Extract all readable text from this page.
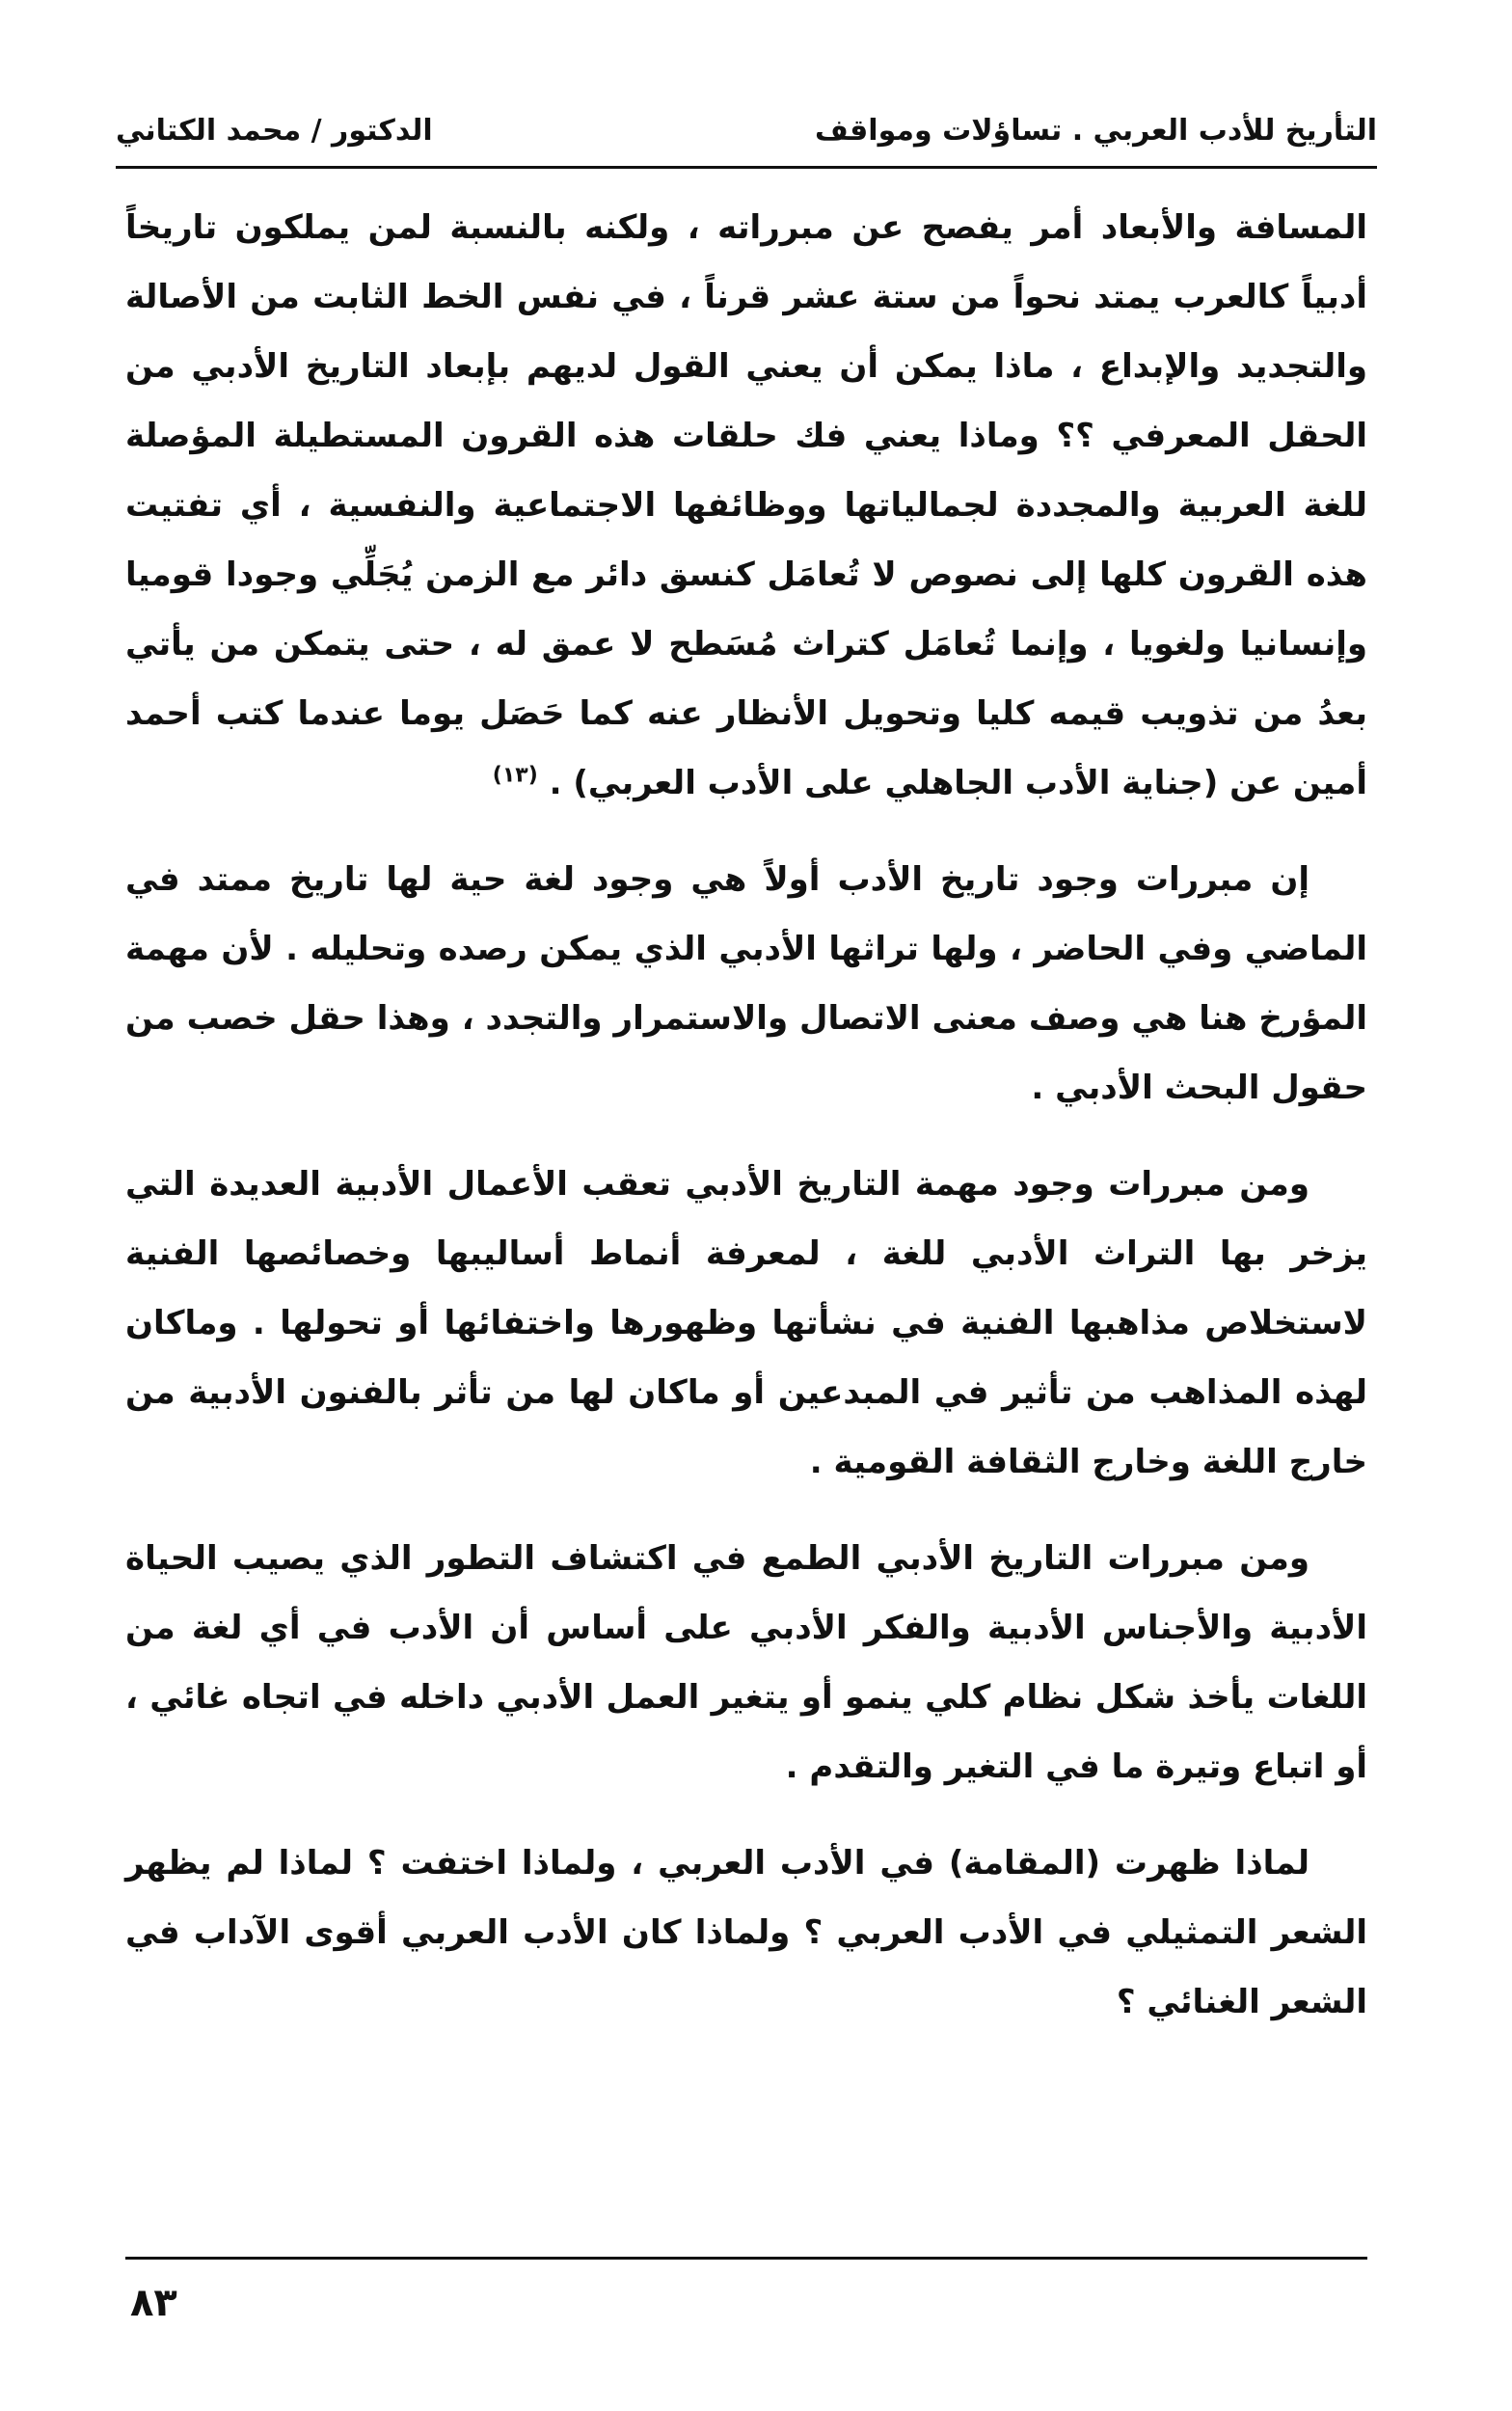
التأريخ للأدب العربي . تساؤلات ومواقف
الدكتور / محمد الكتاني

المسافة والأبعاد أمر يفصح عن مبرراته ، ولكنه بالنسبة لمن يملكون تاريخاً أدبياً كالعرب يمتد نحواً من ستة عشر قرناً ، في نفس الخط الثابت من الأصالة والتجديد والإبداع ، ماذا يمكن أن يعني القول لديهم بإبعاد التاريخ الأدبي من الحقل المعرفي ؟؟ وماذا يعني فك حلقات هذه القرون المستطيلة المؤصلة للغة العربية والمجددة لجمالياتها ووظائفها الاجتماعية والنفسية ، أي تفتيت هذه القرون كلها إلى نصوص لا تُعامَل كنسق دائر مع الزمن يُجَلِّي وجودا قوميا وإنسانيا ولغويا ، وإنما تُعامَل كتراث مُسَطح لا عمق له ، حتى يتمكن من يأتي بعدُ من تذويب قيمه كليا وتحويل الأنظار عنه كما حَصَل يوما عندما كتب أحمد أمين عن (جناية الأدب الجاهلي على الأدب العربي) . $^{(١٣)}$

إن مبررات وجود تاريخ الأدب أولاً هي وجود لغة حية لها تاريخ ممتد في الماضي وفي الحاضر ، ولها تراثها الأدبي الذي يمكن رصده وتحليله . لأن مهمة المؤرخ هنا هي وصف معنى الاتصال والاستمرار والتجدد ، وهذا حقل خصب من حقول البحث الأدبي .

ومن مبررات وجود مهمة التاريخ الأدبي تعقب الأعمال الأدبية العديدة التي يزخر بها التراث الأدبي للغة ، لمعرفة أنماط أساليبها وخصائصها الفنية لاستخلاص مذاهبها الفنية في نشأتها وظهورها واختفائها أو تحولها . وماكان لهذه المذاهب من تأثير في المبدعين أو ماكان لها من تأثر بالفنون الأدبية من خارج اللغة وخارج الثقافة القومية .

ومن مبررات التاريخ الأدبي الطمع في اكتشاف التطور الذي يصيب الحياة الأدبية والأجناس الأدبية والفكر الأدبي على أساس أن الأدب في أي لغة من اللغات يأخذ شكل نظام كلي ينمو أو يتغير العمل الأدبي داخله في اتجاه غائي ، أو اتباع وتيرة ما في التغير والتقدم .

لماذا ظهرت (المقامة) في الأدب العربي ، ولماذا اختفت ؟ لماذا لم يظهر الشعر التمثيلي في الأدب العربي ؟ ولماذا كان الأدب العربي أقوى الآداب في الشعر الغنائي ؟

٨٣
